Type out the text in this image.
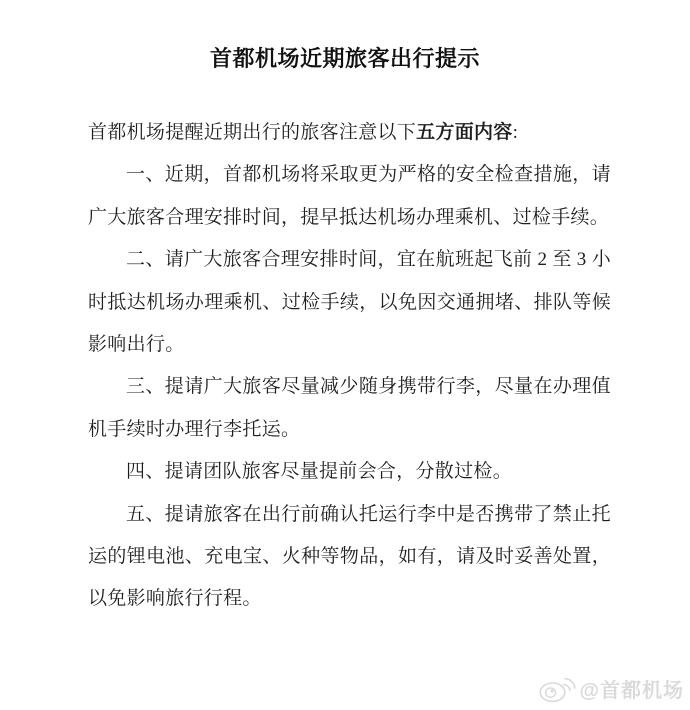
首都机场近期旅客出行提示

首都机场提醒近期出行的旅客注意以下五方面内容:

一、近期，首都机场将采取更为严格的安全检查措施，请广大旅客合理安排时间，提早抵达机场办理乘机、过检手续。

二、请广大旅客合理安排时间，宜在航班起飞前 2 至 3 小时抵达机场办理乘机、过检手续，以免因交通拥堵、排队等候影响出行。

三、提请广大旅客尽量减少随身携带行李，尽量在办理值机手续时办理行李托运。

四、提请团队旅客尽量提前会合，分散过检。

五、提请旅客在出行前确认托运行李中是否携带了禁止托运的锂电池、充电宝、火种等物品，如有，请及时妥善处置，以免影响旅行行程。

@首都机场
